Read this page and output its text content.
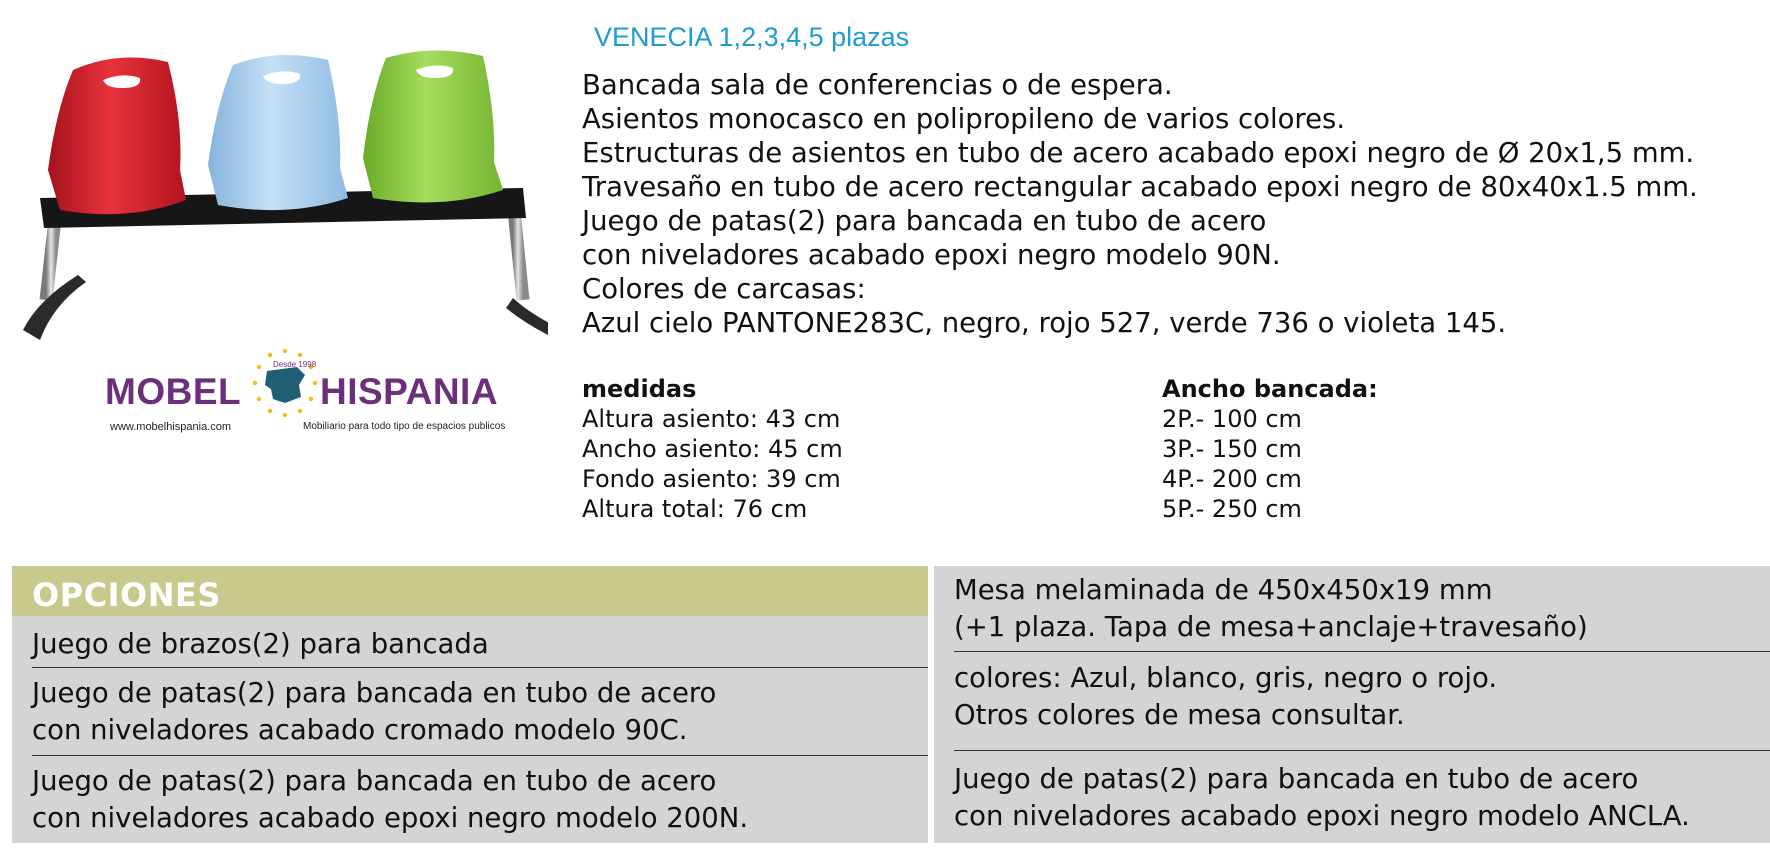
Desde 1998
MOBEL HISPANIA
www.mobelhispania.com	Mobiliario para todo tipo de espacios publicos
VENECIA 1,2,3,4,5 plazas
Bancada sala de conferencias o de espera.
Asientos monocasco en polipropileno de varios colores.
Estructuras de asientos en tubo de acero acabado epoxi negro de Ø 20x1,5 mm.
Travesaño en tubo de acero rectangular acabado epoxi negro de 80x40x1.5 mm.
Juego de patas(2) para bancada en tubo de acero
con niveladores acabado epoxi negro modelo 90N.
Colores de carcasas:
Azul cielo PANTONE283C, negro, rojo 527, verde 736 o violeta 145.
medidas
Altura asiento: 43 cm
Ancho asiento: 45 cm
Fondo asiento: 39 cm
Altura total: 76 cm
Ancho bancada:
2P.- 100 cm
3P.- 150 cm
4P.- 200 cm
5P.- 250 cm
OPCIONES
Juego de brazos(2) para bancada
Juego de patas(2) para bancada en tubo de acero
con niveladores acabado cromado modelo 90C.
Juego de patas(2) para bancada en tubo de acero
con niveladores acabado epoxi negro modelo 200N.
Mesa melaminada de 450x450x19 mm
(+1 plaza. Tapa de mesa+anclaje+travesaño)
colores: Azul, blanco, gris, negro o rojo.
Otros colores de mesa consultar.
Juego de patas(2) para bancada en tubo de acero
con niveladores acabado epoxi negro modelo ANCLA.
